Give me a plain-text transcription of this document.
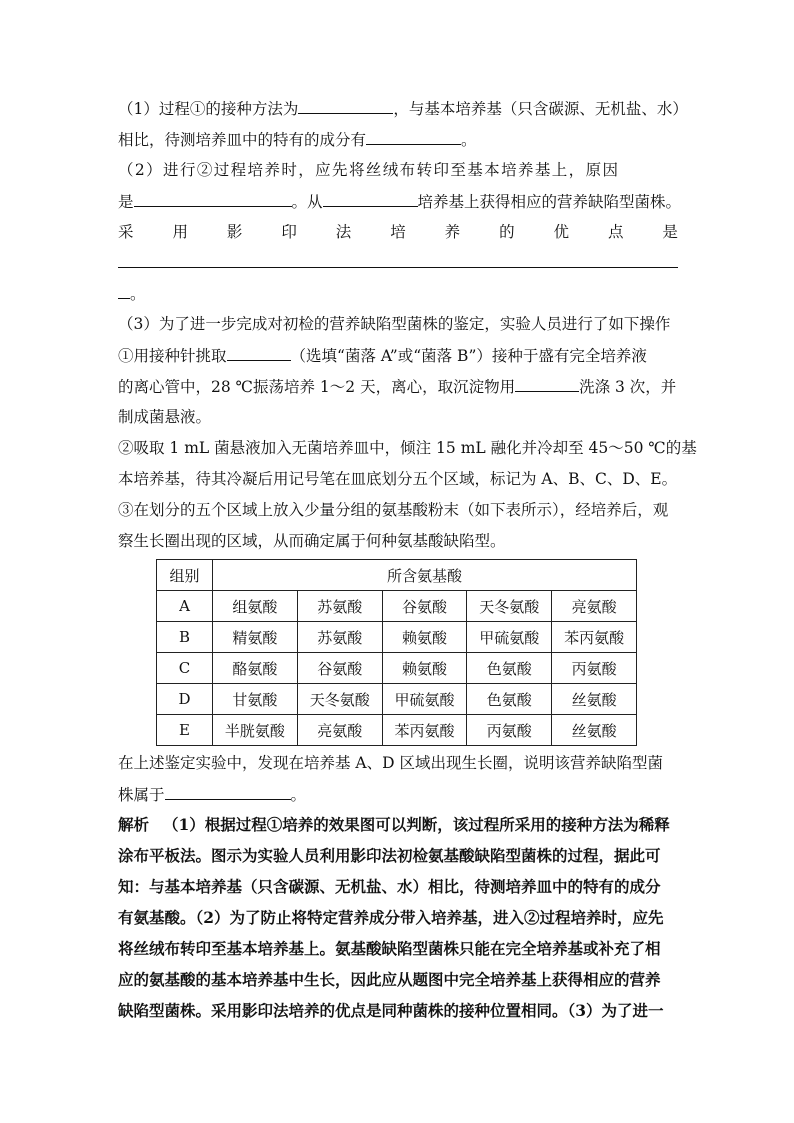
（1）过程①的接种方法为	，与基本培养基（只含碳源、无机盐、水）
相比，待测培养皿中的特有的成分有	。
（2）进行②过程培养时，应先将丝绒布转印至基本培养基上，原因
是	。从	培养基上获得相应的营养缺陷型菌株。
采	用	影	印	法	培	养	的	优	点	是
。
（3）为了进一步完成对初检的营养缺陷型菌株的鉴定，实验人员进行了如下操作
①用接种针挑取	（选填“菌落 A”或“菌落 B”）接种于盛有完全培养液
的离心管中，28 ℃振荡培养 1～2 天，离心，取沉淀物用	洗涤 3 次，并
制成菌悬液。
②吸取 1 mL 菌悬液加入无菌培养皿中，倾注 15 mL 融化并冷却至 45～50 ℃的基
本培养基，待其冷凝后用记号笔在皿底划分五个区域，标记为 A、B、C、D、E。
③在划分的五个区域上放入少量分组的氨基酸粉末（如下表所示），经培养后，观
察生长圈出现的区域，从而确定属于何种氨基酸缺陷型。
组别	所含氨基酸				
A	组氨酸	苏氨酸	谷氨酸	天冬氨酸	亮氨酸
B	精氨酸	苏氨酸	赖氨酸	甲硫氨酸	苯丙氨酸
C	酪氨酸	谷氨酸	赖氨酸	色氨酸	丙氨酸
D	甘氨酸	天冬氨酸	甲硫氨酸	色氨酸	丝氨酸
E	半胱氨酸	亮氨酸	苯丙氨酸	丙氨酸	丝氨酸
在上述鉴定实验中，发现在培养基 A、D 区域出现生长圈，说明该营养缺陷型菌
株属于	。
解析 （1）根据过程①培养的效果图可以判断，该过程所采用的接种方法为稀释
涂布平板法。图示为实验人员利用影印法初检氨基酸缺陷型菌株的过程，据此可
知：与基本培养基（只含碳源、无机盐、水）相比，待测培养皿中的特有的成分
有氨基酸。（2）为了防止将特定营养成分带入培养基，进入②过程培养时，应先
将丝绒布转印至基本培养基上。氨基酸缺陷型菌株只能在完全培养基或补充了相
应的氨基酸的基本培养基中生长，因此应从题图中完全培养基上获得相应的营养
缺陷型菌株。采用影印法培养的优点是同种菌株的接种位置相同。（3）为了进一
